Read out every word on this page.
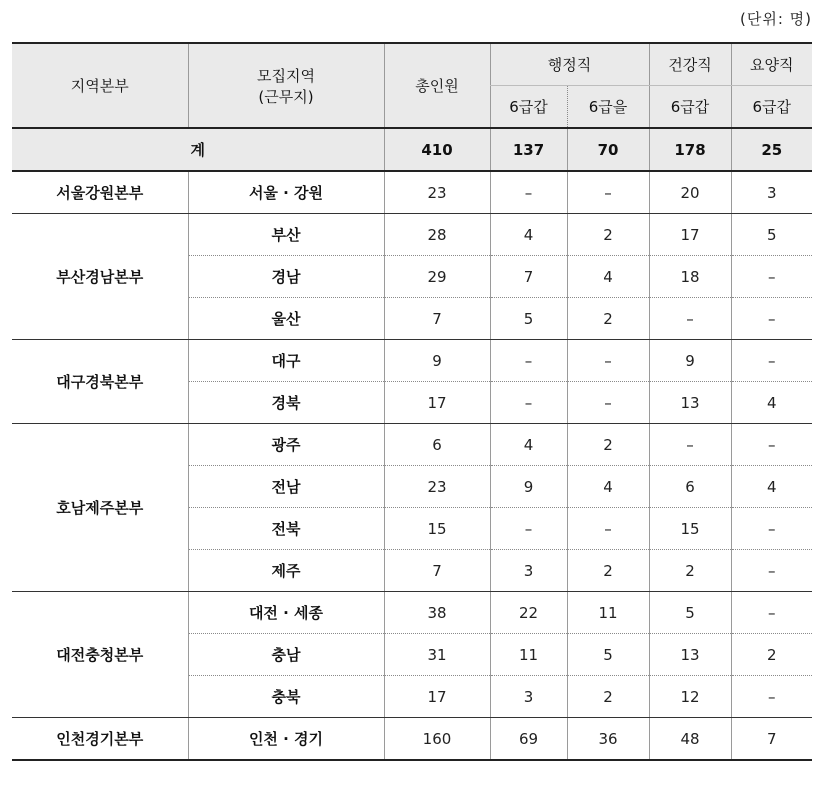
(단위: 명)
지역본부	모집지역
(근무지)	총인원	행정직		건강직	요양직
			6급갑	6급을	6급갑	6급갑
계		410	137	70	178	25
서울강원본부	서울 · 강원	23	–	–	20	3
부산경남본부	부산	28	4	2	17	5
	경남	29	7	4	18	–
	울산	7	5	2	–	–
대구경북본부	대구	9	–	–	9	–
	경북	17	–	–	13	4
호남제주본부	광주	6	4	2	–	–
	전남	23	9	4	6	4
	전북	15	–	–	15	–
	제주	7	3	2	2	–
대전충청본부	대전 · 세종	38	22	11	5	–
	충남	31	11	5	13	2
	충북	17	3	2	12	–
인천경기본부	인천 · 경기	160	69	36	48	7
